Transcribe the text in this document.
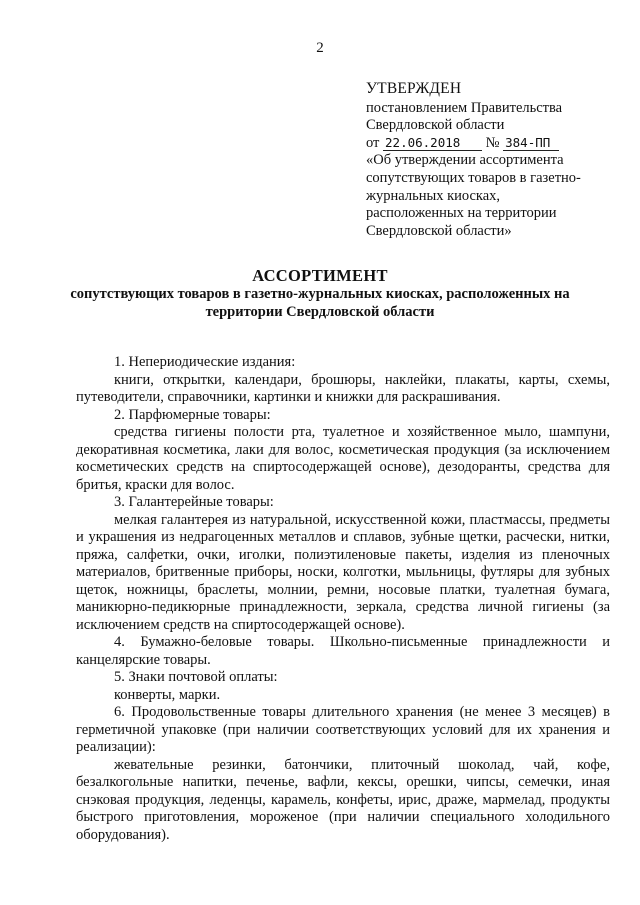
2
УТВЕРЖДЕН
постановлением Правительства
Свердловской области
от 22.06.2018 № 384-ПП
«Об утверждении ассортимента
сопутствующих товаров в газетно-
журнальных киосках,
расположенных на территории
Свердловской области»
АССОРТИМЕНТ
сопутствующих товаров в газетно-журнальных киосках, расположенных на территории Свердловской области

1. Непериодические издания:

книги, открытки, календари, брошюры, наклейки, плакаты, карты, схемы, путеводители, справочники, картинки и книжки для раскрашивания.

2. Парфюмерные товары:

средства гигиены полости рта, туалетное и хозяйственное мыло, шампуни, декоративная косметика, лаки для волос, косметическая продукция (за исключением косметических средств на спиртосодержащей основе), дезодоранты, средства для бритья, краски для волос.

3. Галантерейные товары:

мелкая галантерея из натуральной, искусственной кожи, пластмассы, предметы и украшения из недрагоценных металлов и сплавов, зубные щетки, расчески, нитки, пряжа, салфетки, очки, иголки, полиэтиленовые пакеты, изделия из пленочных материалов, бритвенные приборы, носки, колготки, мыльницы, футляры для зубных щеток, ножницы, браслеты, молнии, ремни, носовые платки, туалетная бумага, маникюрно-педикюрные принадлежности, зеркала, средства личной гигиены (за исключением средств на спиртосодержащей основе).

4. Бумажно-беловые товары. Школьно-письменные принадлежности и канцелярские товары.

5. Знаки почтовой оплаты:

конверты, марки.

6. Продовольственные товары длительного хранения (не менее 3 месяцев) в герметичной упаковке (при наличии соответствующих условий для их хранения и реализации):

жевательные резинки, батончики, плиточный шоколад, чай, кофе, безалкогольные напитки, печенье, вафли, кексы, орешки, чипсы, семечки, иная снэковая продукция, леденцы, карамель, конфеты, ирис, драже, мармелад, продукты быстрого приготовления, мороженое (при наличии специального холодильного оборудования).
